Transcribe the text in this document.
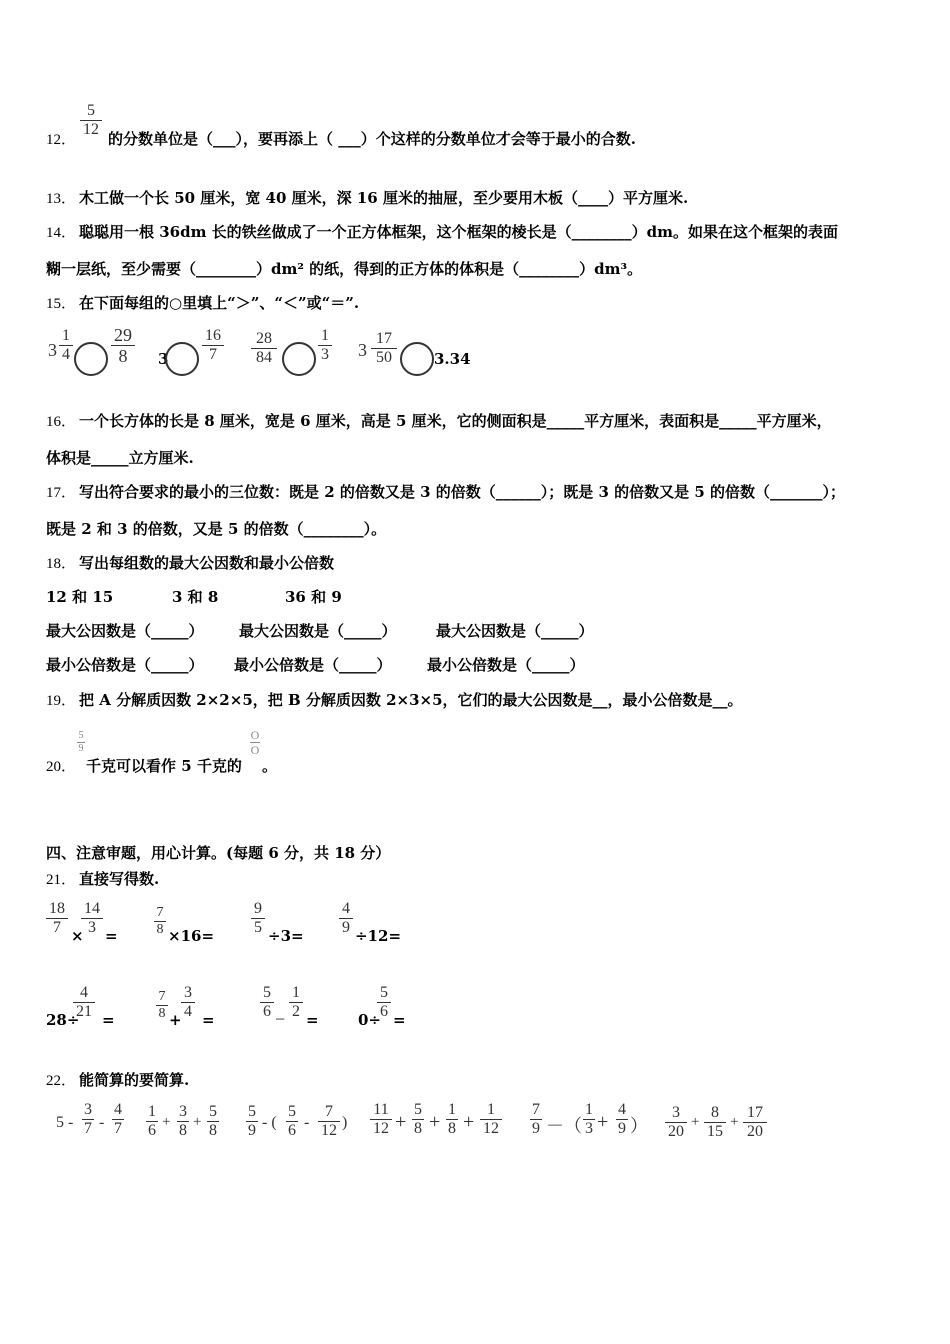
12．
5
12
的分数单位是（___），要再添上（ ___）个这样的分数单位才会等于最小的合数.
13． 木工做一个长 50 厘米，宽 40 厘米，深 16 厘米的抽屉，至少要用木板（____）平方厘米.
14． 聪聪用一根 36dm 长的铁丝做成了一个正方体框架，这个框架的棱长是（________）dm。如果在这个框架的表面
糊一层纸，至少需要（________）dm² 的纸，得到的正方体的体积是（________）dm³。
15． 在下面每组的○里填上“＞”、“＜”或“＝”.
3
1
4
29
8	3
16
7
28
84
1
3 3
17
50	3.34
16． 一个长方体的长是 8 厘米，宽是 6 厘米，高是 5 厘米，它的侧面积是_____平方厘米，表面积是_____平方厘米，
体积是_____立方厘米.
17． 写出符合要求的最小的三位数：既是 2 的倍数又是 3 的倍数（______）；既是 3 的倍数又是 5 的倍数（_______）；
既是 2 和 3 的倍数，又是 5 的倍数（________）。
18． 写出每组数的最大公因数和最小公倍数
12 和 15	3 和 8	36 和 9
最大公因数是（_____） 最大公因数是（_____）	最大公因数是（_____）
最小公倍数是（_____） 最小公倍数是（_____） 最小公倍数是（_____）
19． 把 A 分解质因数 2×2×5，把 B 分解质因数 2×3×5，它们的最大公因数是__，最小公倍数是__。
20．
5
9
千克可以看作 5 千克的
O
O
。
四、注意审题，用心计算。(每题 6 分，共 18 分）
21． 直接写得数.
18
7 ×
14
3 =
7
8 ×16=
9
5 ÷3=
4
9 ÷12=
28÷
4
21 =
7
8 +
3
4 =
5
6 −
1
2 =	0÷
5
6 =
22． 能简算的要简算.
5 -
3
7 -
4
7
1
6 +
3
8 +
5
8
5
9 - (
5
6 -
7
12 )
11
12 +
5
8 +
1
8 +
1
12
7
9 －（
1
3 +
4
9 ）
3
20
+
8
15
+
17
20
